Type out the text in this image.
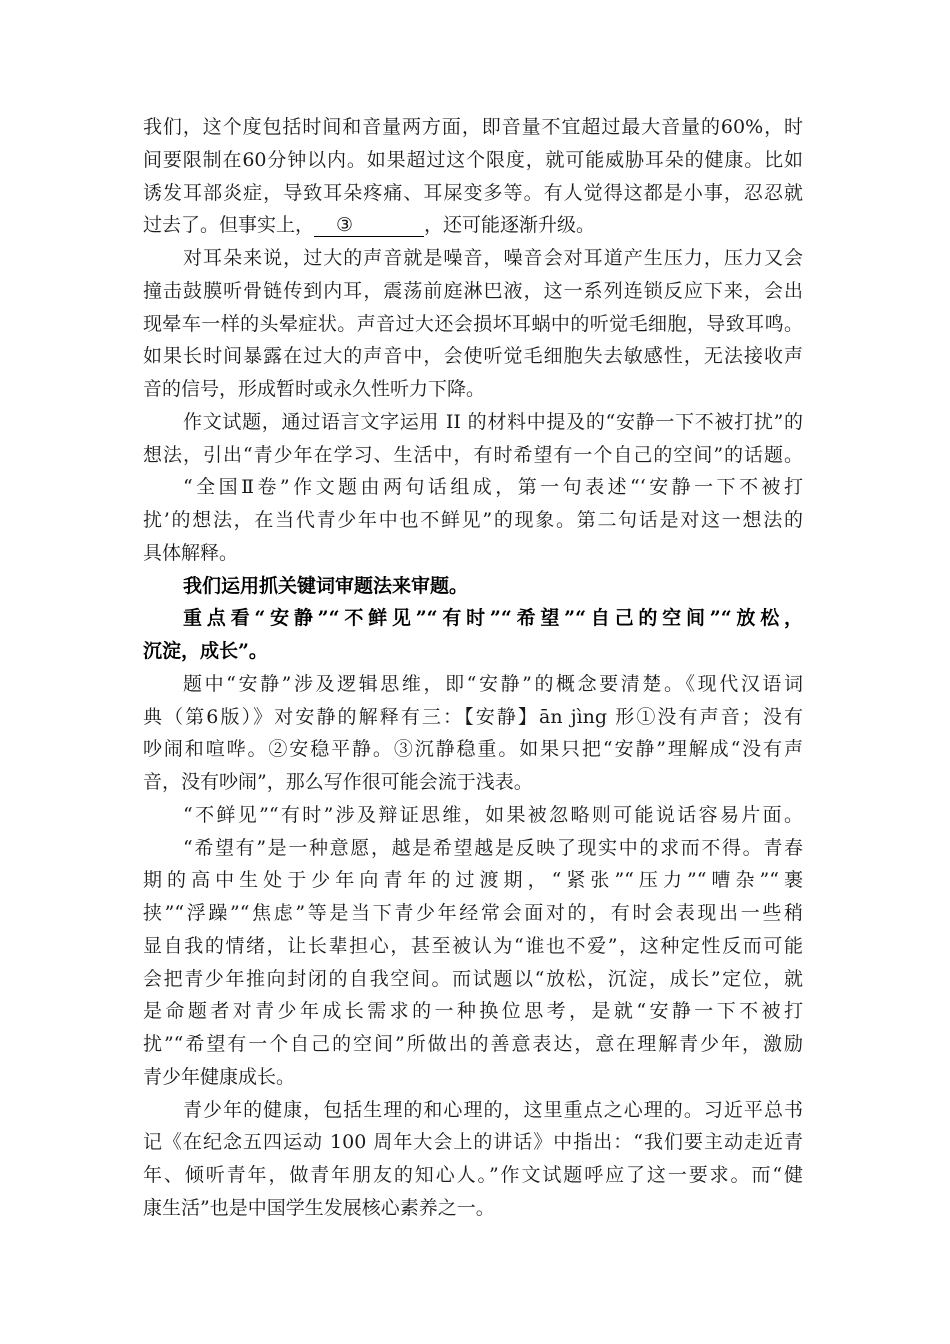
我们，这个度包括时间和音量两方面，即音量不宜超过最大音量的60%，时
间要限制在60分钟以内。如果超过这个限度，就可能威胁耳朵的健康。比如
诱发耳部炎症，导致耳朵疼痛、耳屎变多等。有人觉得这都是小事，忍忍就
过去了。但事实上， ③	，还可能逐渐升级。
对耳朵来说，过大的声音就是噪音，噪音会对耳道产生压力，压力又会
撞击鼓膜听骨链传到内耳，震荡前庭淋巴液，这一系列连锁反应下来，会出
现晕车一样的头晕症状。声音过大还会损坏耳蜗中的听觉毛细胞，导致耳鸣。
如果长时间暴露在过大的声音中，会使听觉毛细胞失去敏感性，无法接收声
音的信号，形成暂时或永久性听力下降。
作文试题，通过语言文字运用 II 的材料中提及的“安静一下不被打扰”的
想法，引出“青少年在学习、生活中，有时希望有一个自己的空间”的话题。
“全国Ⅱ卷”作文题由两句话组成，第一句表述“‘安静一下不被打
扰’的想法，在当代青少年中也不鲜见”的现象。第二句话是对这一想法的
具体解释。
我们运用抓关键词审题法来审题。
重点看“安静”“不鲜见”“有时”“希望”“自己的空间”“放松，
沉淀，成长”。
题中“安静”涉及逻辑思维，即“安静”的概念要清楚。《现代汉语词
典（第6版）》对安静的解释有三：【安静】ān jìng 形①没有声音；没有
吵闹和喧哗。②安稳平静。③沉静稳重。如果只把“安静”理解成“没有声
音，没有吵闹”，那么写作很可能会流于浅表。
“不鲜见”“有时”涉及辩证思维，如果被忽略则可能说话容易片面。
“希望有”是一种意愿，越是希望越是反映了现实中的求而不得。青春
期的高中生处于少年向青年的过渡期，“紧张”“压力”“嘈杂”“裹
挟”“浮躁”“焦虑”等是当下青少年经常会面对的，有时会表现出一些稍
显自我的情绪，让长辈担心，甚至被认为“谁也不爱”，这种定性反而可能
会把青少年推向封闭的自我空间。而试题以“放松，沉淀，成长”定位，就
是命题者对青少年成长需求的一种换位思考，是就“安静一下不被打
扰”“希望有一个自己的空间”所做出的善意表达，意在理解青少年，激励
青少年健康成长。
青少年的健康，包括生理的和心理的，这里重点之心理的。习近平总书
记《在纪念五四运动 100 周年大会上的讲话》中指出：“我们要主动走近青
年、倾听青年，做青年朋友的知心人。”作文试题呼应了这一要求。而“健
康生活”也是中国学生发展核心素养之一。
